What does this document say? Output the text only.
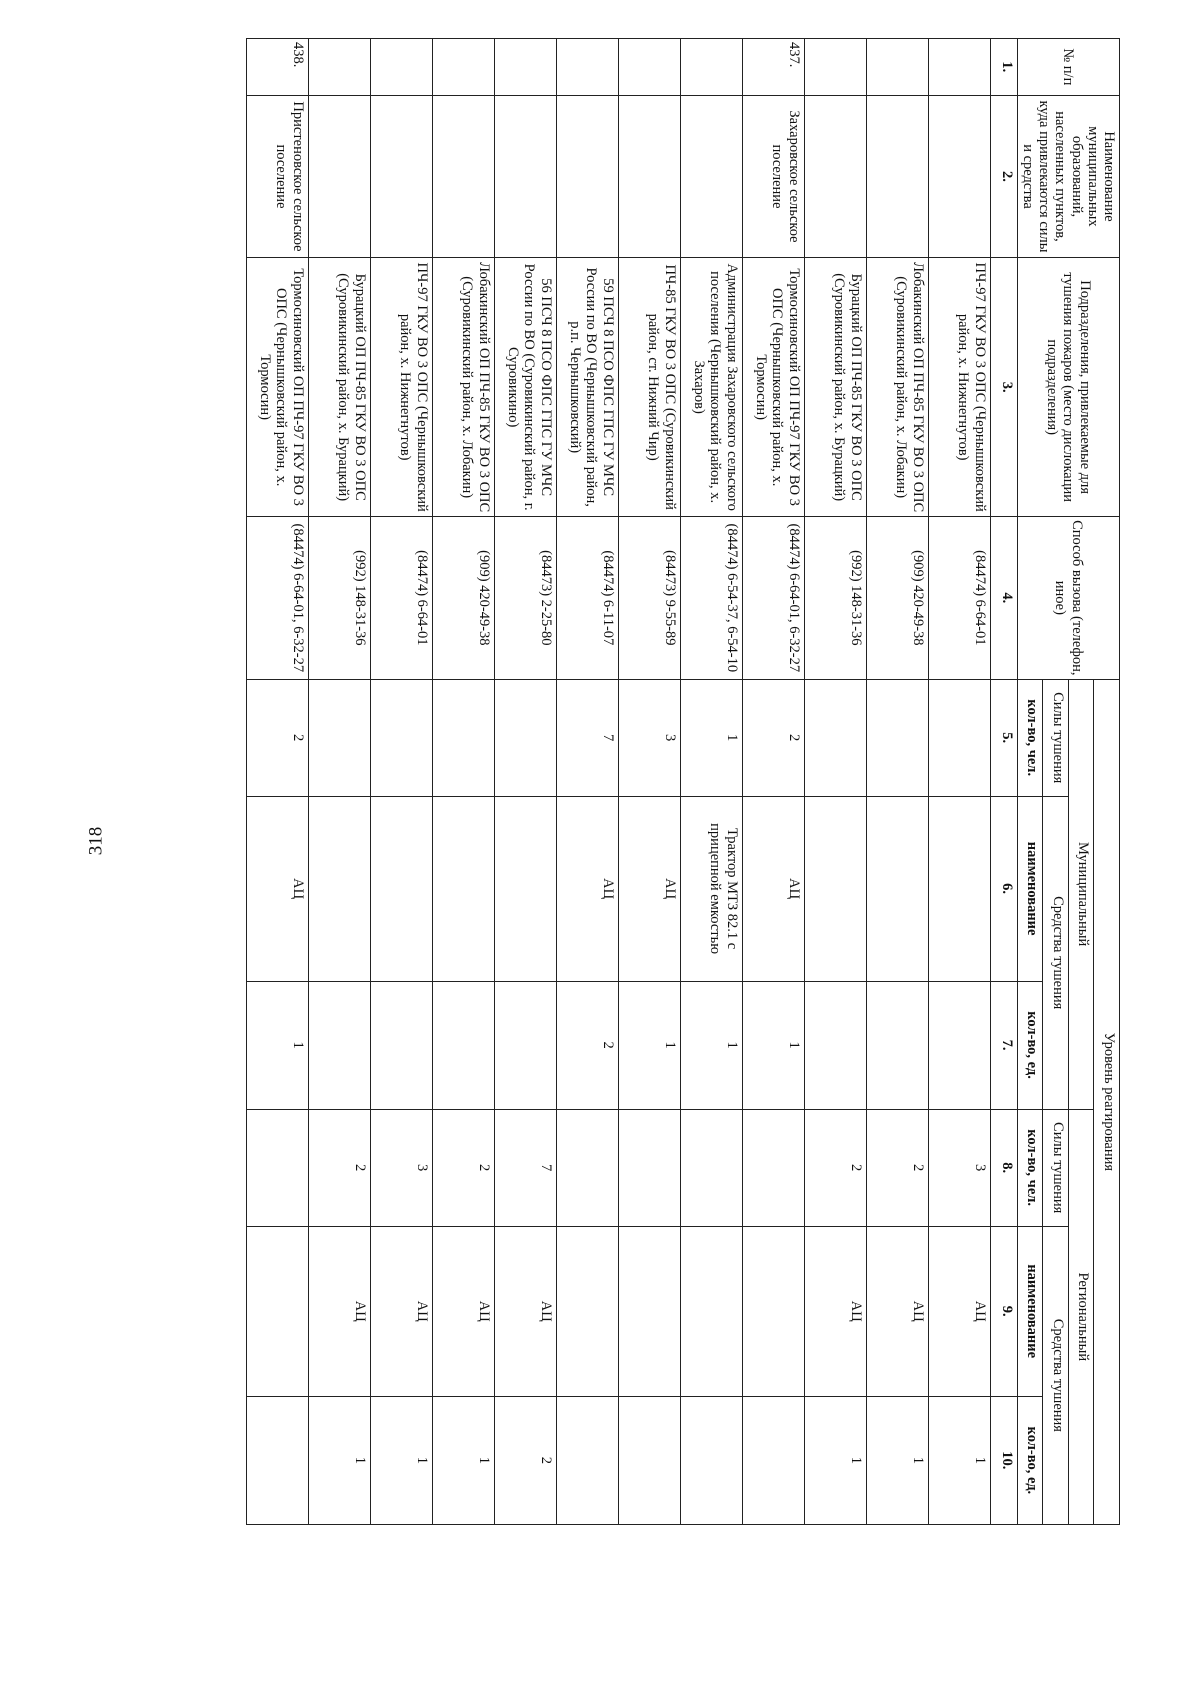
318
№ п/п	Наименование муниципальных образований, населенных пунктов, куда привлекаются силы и средства	Подразделения, привлекаемые для тушения пожаров (место дислокации подразделения)	Способ вызова (телефон, иное)	Уровень реагирования					
				Муниципальный			Региональный		
				Силы тушения	Средства тушения		Силы тушения	Средства тушения	
				кол-во, чел.	наименование	кол-во, ед.	кол-во, чел.	наименование	кол-во, ед.
1.	2.	3.	4.	5.	6.	7.	8.	9.	10.
		ПЧ-97 ГКУ ВО 3 ОПС (Чернышковский район, х. Нижнегнутов)	(84474) 6-64-01				3	АЦ	1
		Лобакинский ОП ПЧ-85 ГКУ ВО 3 ОПС (Суровикинский район, х. Лобакин)	(909) 420-49-38				2	АЦ	1
		Бурацкий ОП ПЧ-85 ГКУ ВО 3 ОПС (Суровикинский район, х. Бурацкий)	(992) 148-31-36				2	АЦ	1
437.	Захаровское сельское поселение	Тормосиновский ОП ПЧ-97 ГКУ ВО 3 ОПС (Чернышковский район, х. Тормосин)	(84474) 6-64-01, 6-32-27	2	АЦ	1			
		Администрация Захаровского сельского поселения (Чернышковский район, х. Захаров)	(84474) 6-54-37, 6-54-10	1	Трактор МТЗ 82.1 с прицепной емкостью	1			
		ПЧ-85 ГКУ ВО 3 ОПС (Суровикинский район, ст. Нижний Чир)	(84473) 9-55-89	3	АЦ	1			
		59 ПСЧ 8 ПСО ФПС ГПС ГУ МЧС России по ВО (Чернышковский район, р.п. Чернышковский)	(84474) 6-11-07	7	АЦ	2			
		56 ПСЧ 8 ПСО ФПС ГПС ГУ МЧС России по ВО (Суровикинский район, г. Суровикино)	(84473) 2-25-80				7	АЦ	2
		Лобакинский ОП ПЧ-85 ГКУ ВО 3 ОПС (Суровикинский район, х. Лобакин)	(909) 420-49-38				2	АЦ	1
		ПЧ-97 ГКУ ВО 3 ОПС (Чернышковский район, х. Нижнегнутов)	(84474) 6-64-01				3	АЦ	1
		Бурацкий ОП ПЧ-85 ГКУ ВО 3 ОПС (Суровикинский район, х. Бурацкий)	(992) 148-31-36				2	АЦ	1
438.	Пристеновское сельское поселение	Тормосиновский ОП ПЧ-97 ГКУ ВО 3 ОПС (Чернышковский район, х. Тормосин)	(84474) 6-64-01, 6-32-27	2	АЦ	1			
